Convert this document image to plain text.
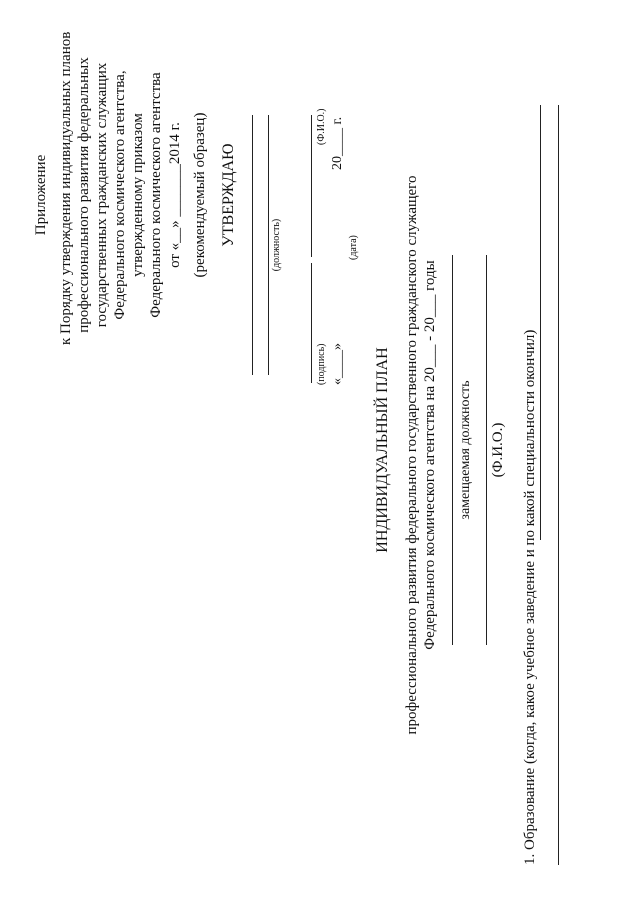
Приложение к Порядку утверждения индивидуальных планов профессионального развития федеральных государственных гражданских служащих Федерального космического агентства, утвержденному приказом Федерального космического агентства от «__» _______2014 г. (рекомендуемый образец) УТВЕРЖДАЮ	(должность)
(подпись)
(Ф.И.О.)
«____»
20____ г.
(дата)
ИНДИВИДУАЛЬНЫЙ ПЛАН профессионального развития федерального государственного гражданского служащего Федерального космического агентства на 20___ - 20___ годы замещаемая должность (Ф.И.О.) 1. Образование (когда, какое учебное заведение и по какой специальности окончил)
